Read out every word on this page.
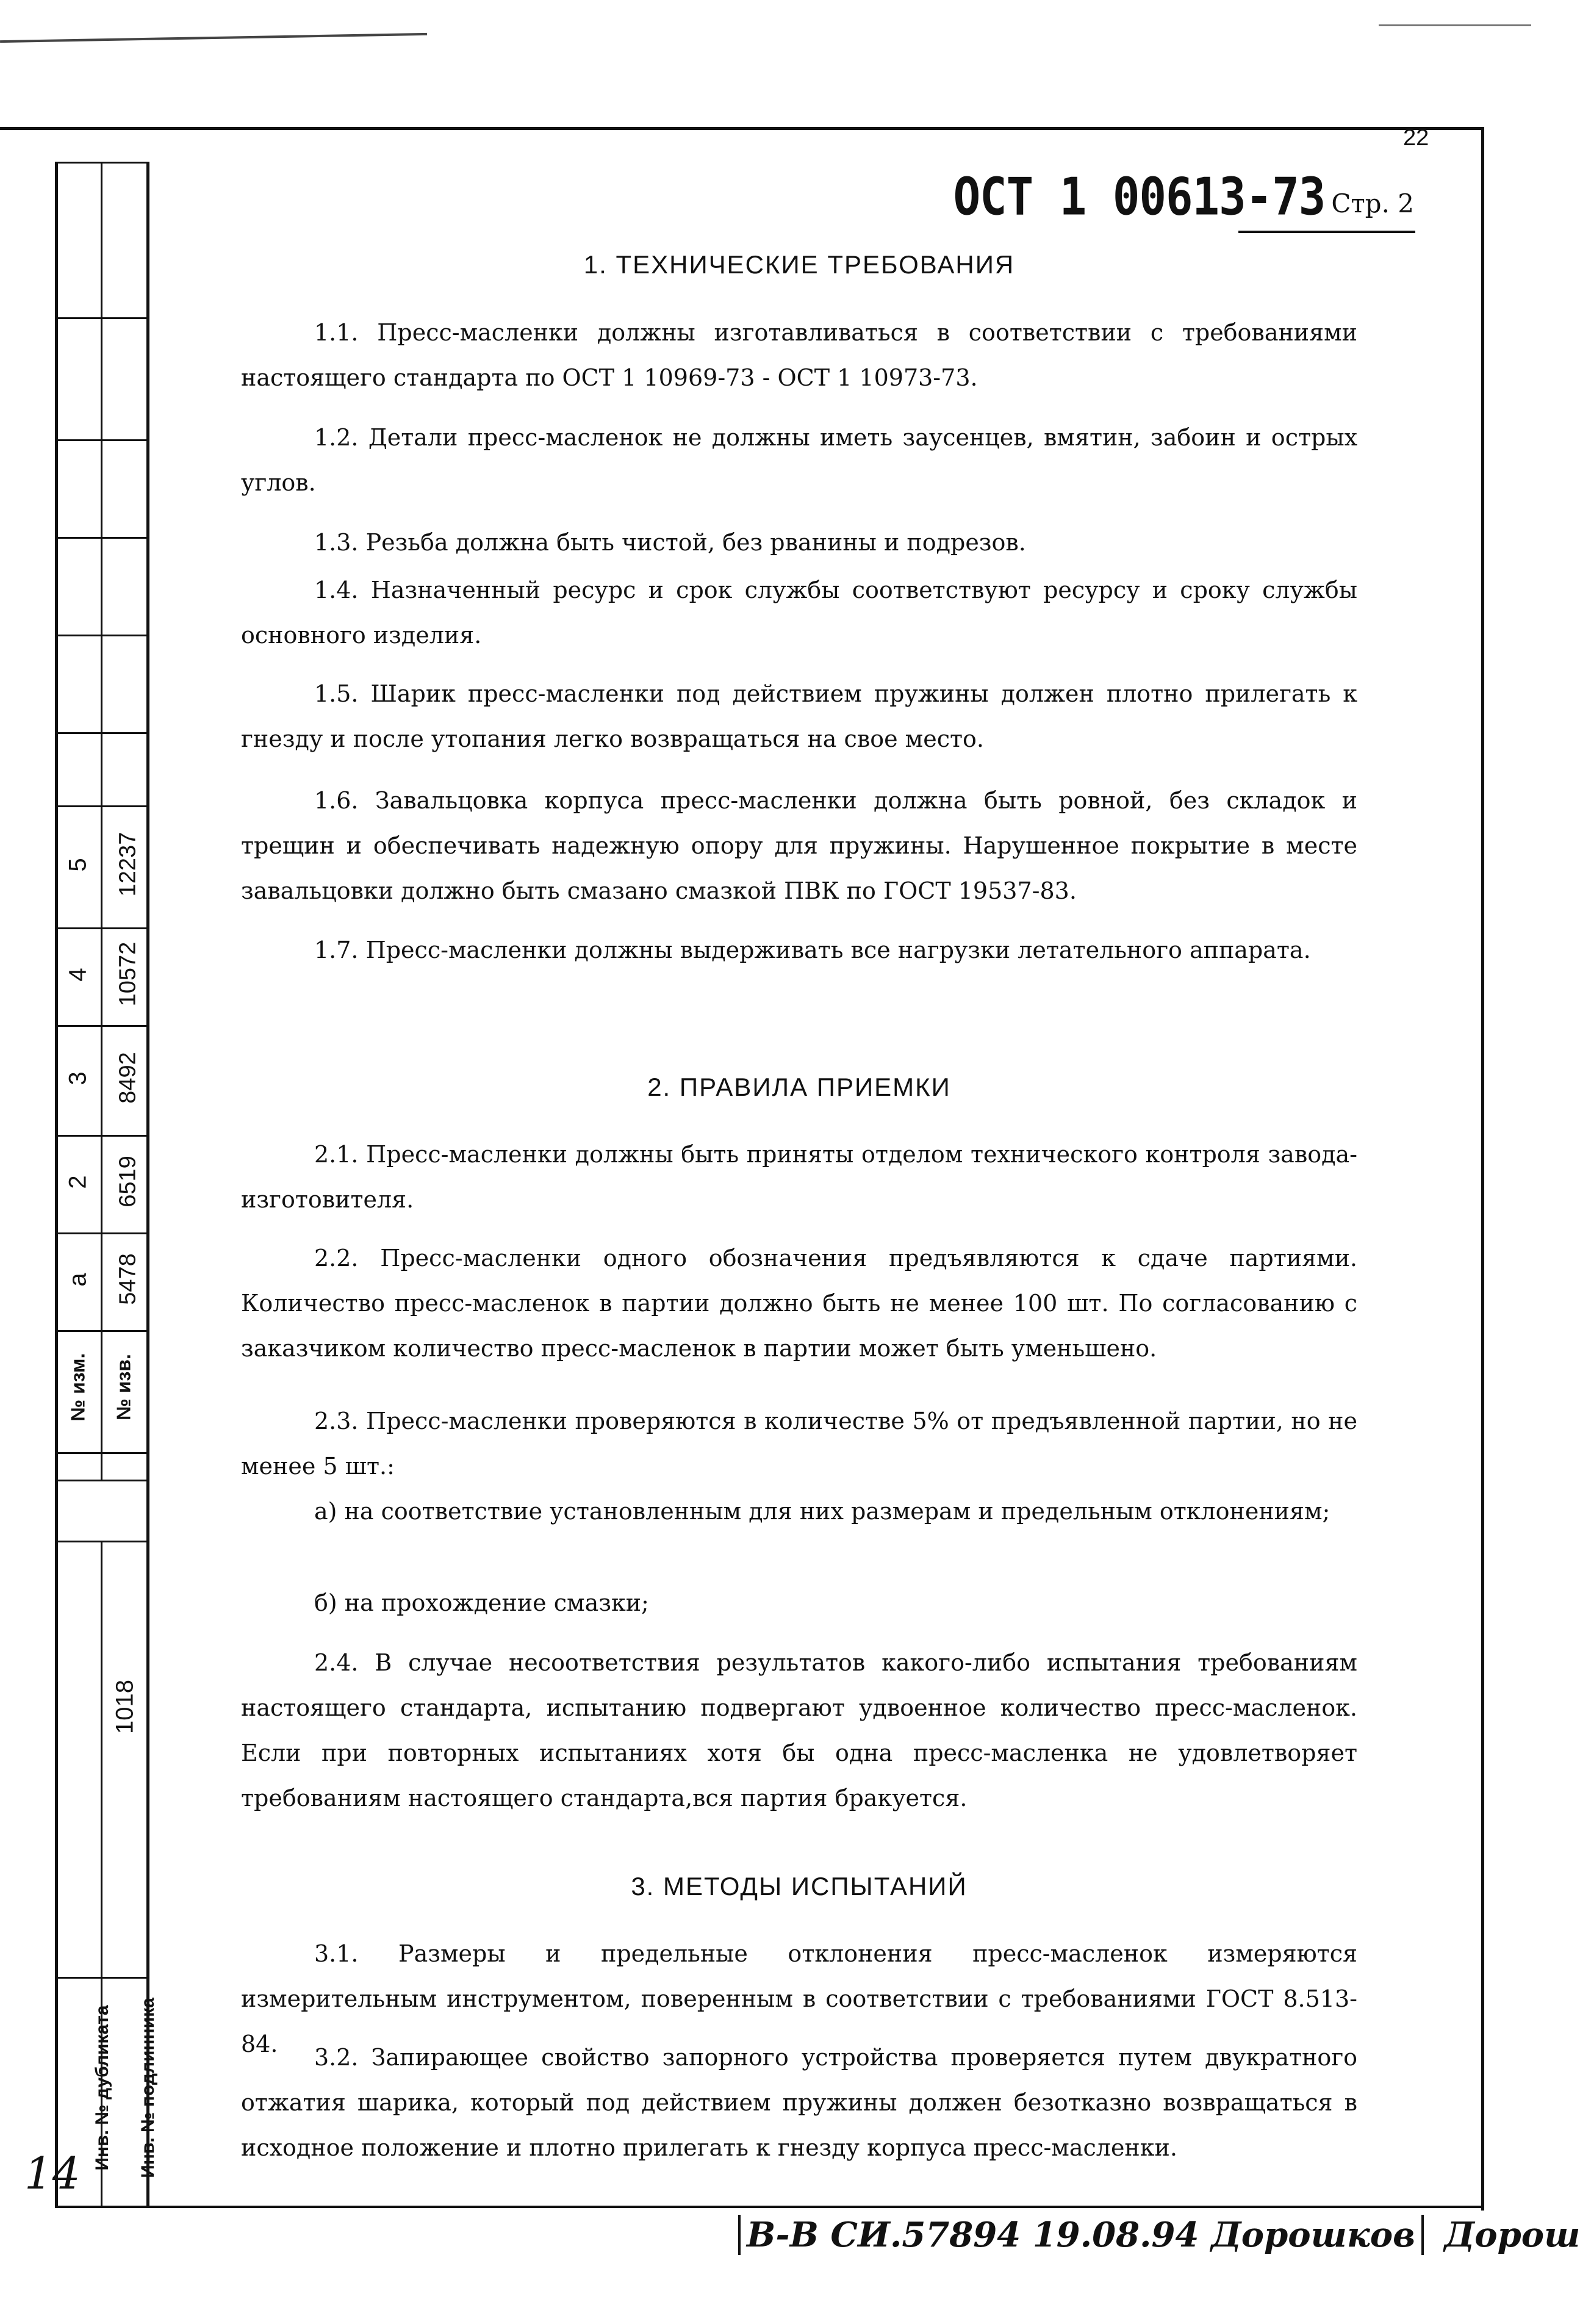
22
ОСТ 1 00613-73 Стр. 2
5
4
3
2
а
12237
10572
8492
6519
5478
№ изм. № изв.
1018
Инв. № дубликата Инв. № подлинника
14
1. ТЕХНИЧЕСКИЕ ТРЕБОВАНИЯ
1.1. Пресс-масленки должны изготавливаться в соответствии с требованиями настоящего стандарта по ОСТ 1 10969-73 - ОСТ 1 10973-73.
1.2. Детали пресс-масленок не должны иметь заусенцев, вмятин, забоин и острых углов.
1.3. Резьба должна быть чистой, без рванины и подрезов.
1.4. Назначенный ресурс и срок службы соответствуют ресурсу и сроку службы основного изделия.
1.5. Шарик пресс-масленки под действием пружины должен плотно прилегать к гнезду и после утопания легко возвращаться на свое место.
1.6. Завальцовка корпуса пресс-масленки должна быть ровной, без складок и трещин и обеспечивать надежную опору для пружины. Нарушенное покрытие в месте завальцовки должно быть смазано смазкой ПВК по ГОСТ 19537-83.
1.7. Пресс-масленки должны выдерживать все нагрузки летательного аппарата.
2. ПРАВИЛА ПРИЕМКИ
2.1. Пресс-масленки должны быть приняты отделом технического контроля завода-изготовителя.
2.2. Пресс-масленки одного обозначения предъявляются к сдаче партиями. Количество пресс-масленок в партии должно быть не менее 100 шт. По согласованию с заказчиком количество пресс-масленок в партии может быть уменьшено.
2.3. Пресс-масленки проверяются в количестве 5% от предъявленной партии, но не менее 5 шт.:
а) на соответствие установленным для них размерам и предельным отклонениям;
б) на прохождение смазки;
2.4. В случае несоответствия результатов какого-либо испытания требованиям настоящего стандарта, испытанию подвергают удвоенное количество пресс-масленок. Если при повторных испытаниях хотя бы одна пресс-масленка не удовлетворяет требованиям настоящего стандарта,вся партия бракуется.
3. МЕТОДЫ ИСПЫТАНИЙ
3.1. Размеры и предельные отклонения пресс-масленок измеряются измерительным инструментом, поверенным в соответствии с требованиями ГОСТ 8.513-84.	3.2. Запирающее свойство запорного устройства проверяется путем двукратного отжатия шарика, который под действием пружины должен безотказно возвращаться в исходное положение и плотно прилегать к гнезду корпуса пресс-масленки.
В-В СИ.57894 19.08.94 Дорошков Дорош
